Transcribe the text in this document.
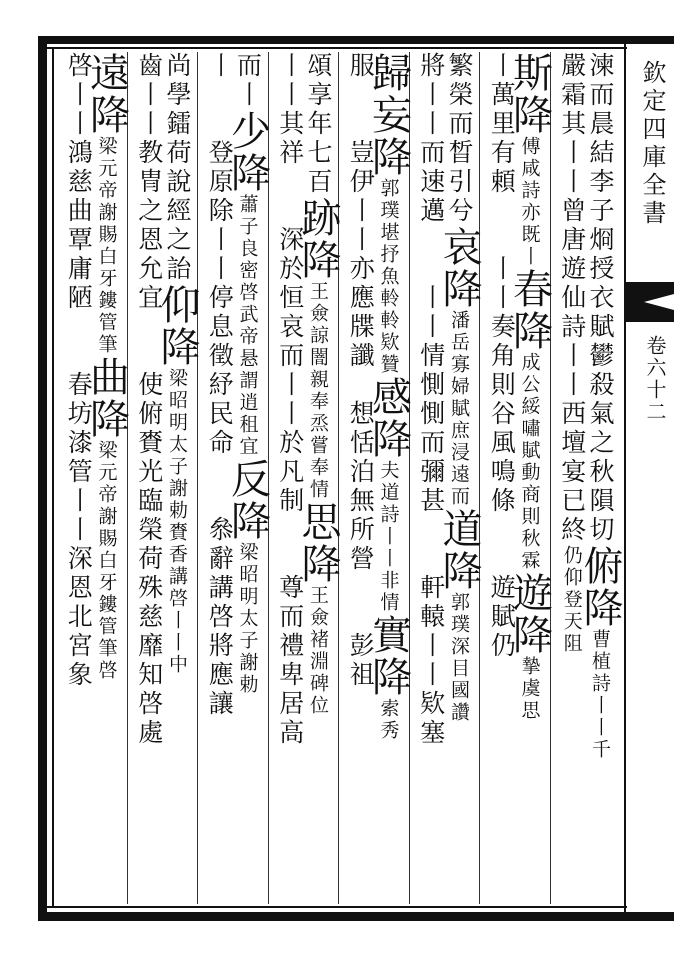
欽定四庫全書
卷六十二
湅而晨結李子烱授衣賦鬰殺氣之秋隕切俯降曹植詩丨丨千
嚴霜其丨丨曾唐遊仙詩丨丨西壇宴已終仍仰登天阻
斯降傅咸詩亦既丨春降成公綏嘯賦動商則秋霖遊降摯虞思
丨萬里有頼　　丨丨奏角則谷風鳴條　　遊賦仍
繁榮而晳引兮哀降潘岳寡婦賦庶浸遠而道降郭璞深目國讚
將丨丨而速邁　　丨丨情惻惻而彌甚　　軒轅丨丨欵塞
歸妄降郭璞堪抒魚軨軨欵贊感降夫道詩丨丨非情實降索秀
服　　豈伊丨丨亦應牒讖　想恬泊無所營　　彭祖
頌享年七百跡降王僉諒闇親奉烝嘗奉情思降王僉褚淵碑位
丨丨其祥　　深於恒哀而丨丨於凡制　　尊而禮卑居高
而丨少降蕭子良密啓武帝悬謂逍租宜反降梁昭明太子謝勅
丨　　登原除丨丨停息徵紓民命　　叅辭講啓將應讓
尚學鐳荷說經之詒仰降梁昭明太子謝勅賚香講啓丨丨中
齒丨丨教冑之恩允宜　　使俯賚光臨榮荷殊慈靡知啓處
遠降梁元帝謝賜白牙鏤管筆曲降梁元帝謝賜白牙鏤管筆啓
啓丨丨鴻慈曲覃庸陋　　春坊漆管丨丨深恩北宮象
